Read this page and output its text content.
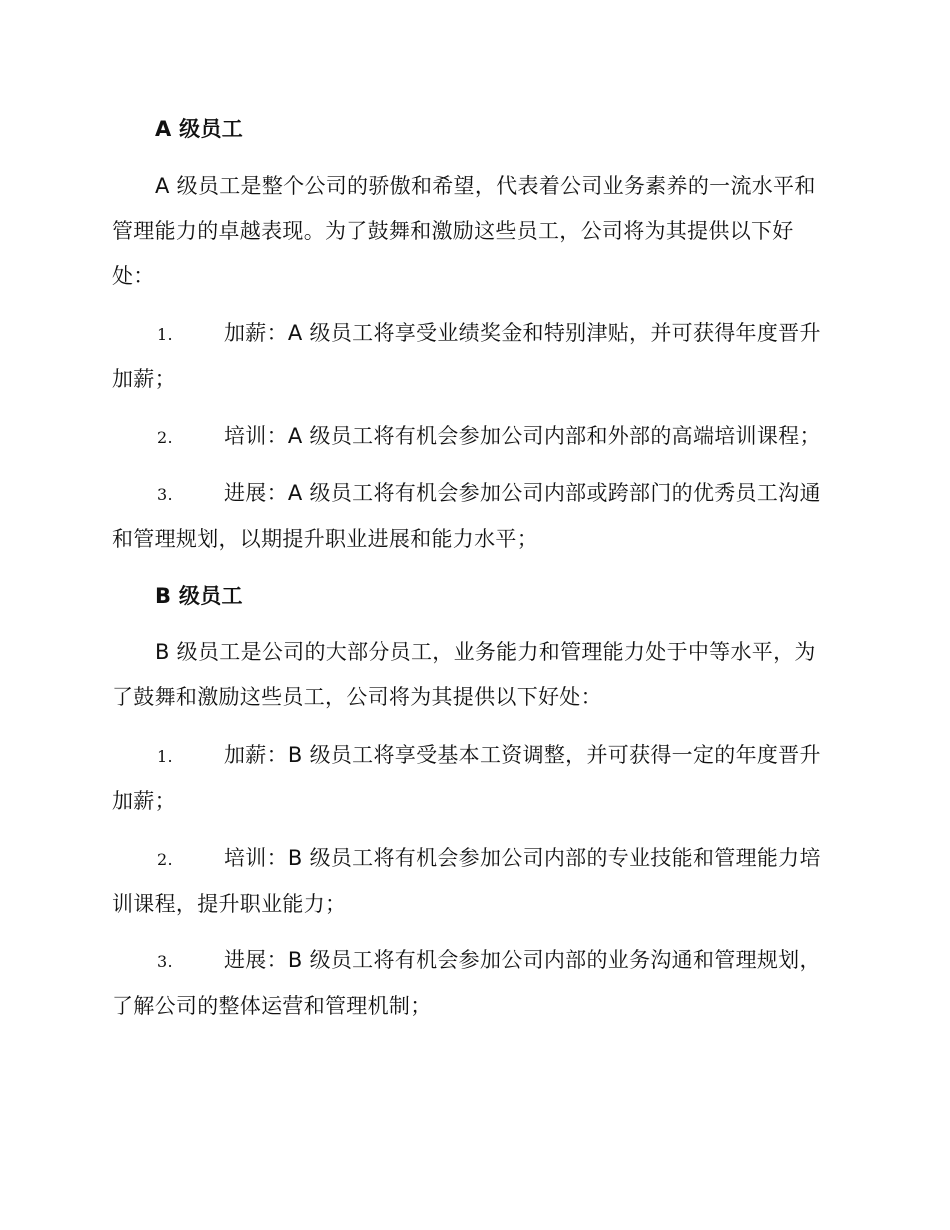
A 级员工

A 级员工是整个公司的骄傲和希望，代表着公司业务素养的一流水平和管理能力的卓越表现。为了鼓舞和激励这些员工，公司将为其提供以下好处：

1. 加薪：A 级员工将享受业绩奖金和特别津贴，并可获得年度晋升加薪；

2. 培训：A 级员工将有机会参加公司内部和外部的高端培训课程；

3. 进展：A 级员工将有机会参加公司内部或跨部门的优秀员工沟通和管理规划，以期提升职业进展和能力水平；

B 级员工

B 级员工是公司的大部分员工，业务能力和管理能力处于中等水平，为了鼓舞和激励这些员工，公司将为其提供以下好处：

1. 加薪：B 级员工将享受基本工资调整，并可获得一定的年度晋升加薪；

2. 培训：B 级员工将有机会参加公司内部的专业技能和管理能力培训课程，提升职业能力；

3. 进展：B 级员工将有机会参加公司内部的业务沟通和管理规划，了解公司的整体运营和管理机制；
